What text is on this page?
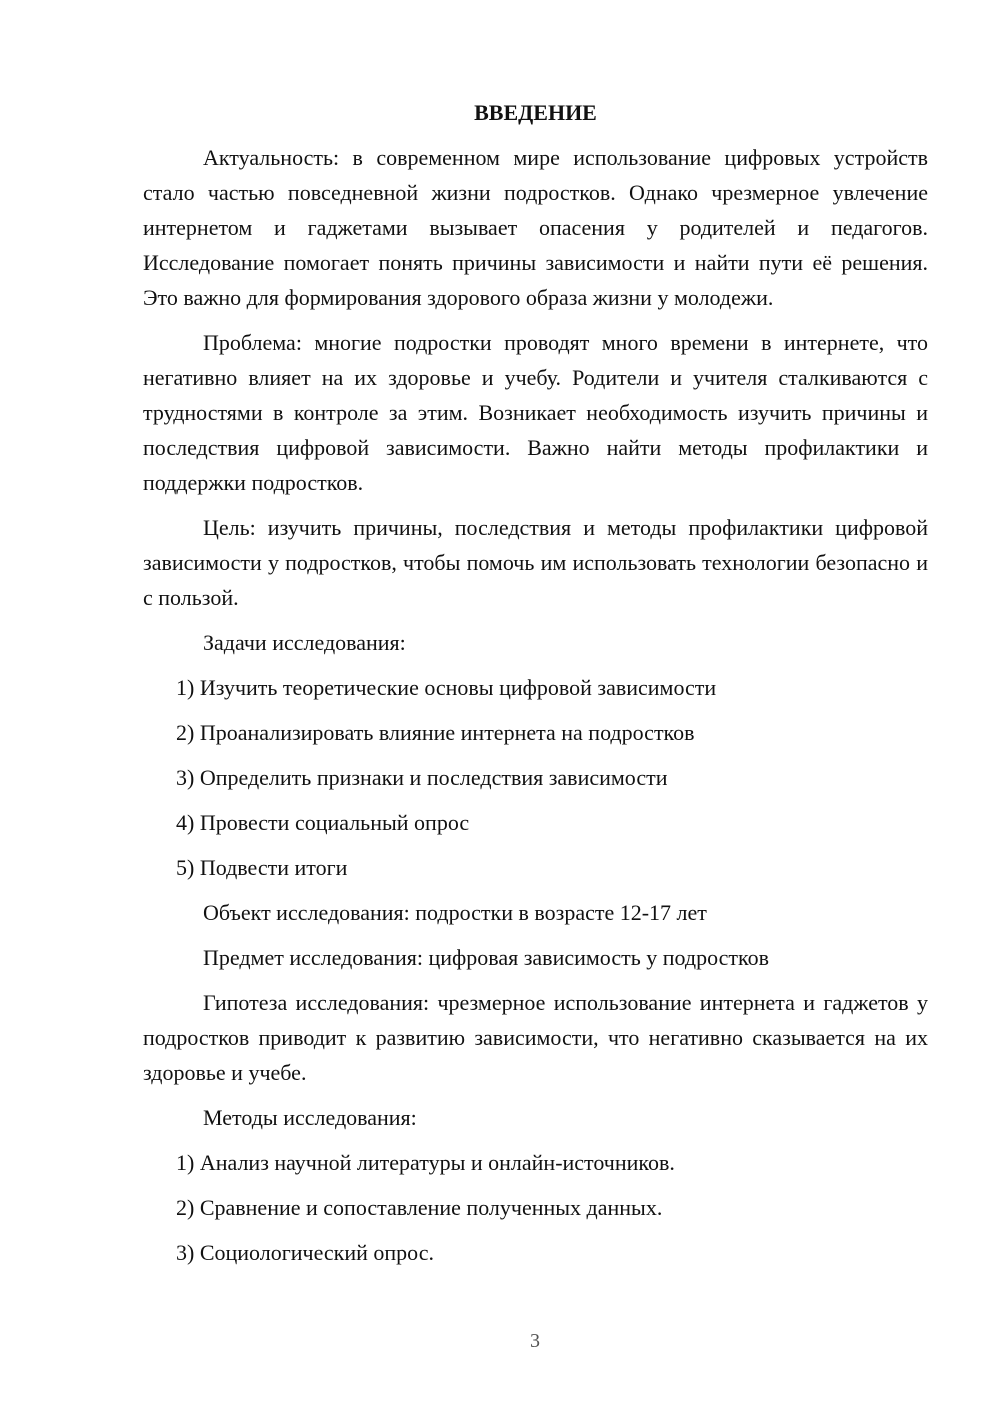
ВВЕДЕНИЕ

Актуальность: в современном мире использование цифровых устройств стало частью повседневной жизни подростков. Однако чрезмерное увлечение интернетом и гаджетами вызывает опасения у родителей и педагогов. Исследование помогает понять причины зависимости и найти пути её решения. Это важно для формирования здорового образа жизни у молодежи.

Проблема: многие подростки проводят много времени в интернете, что негативно влияет на их здоровье и учебу. Родители и учителя сталкиваются с трудностями в контроле за этим. Возникает необходимость изучить причины и последствия цифровой зависимости. Важно найти методы профилактики и поддержки подростков.

Цель: изучить причины, последствия и методы профилактики цифровой зависимости у подростков, чтобы помочь им использовать технологии безопасно и с пользой.

Задачи исследования:
1) Изучить теоретические основы цифровой зависимости
2) Проанализировать влияние интернета на подростков
3) Определить признаки и последствия зависимости
4) Провести социальный опрос
5) Подвести итоги
Объект исследования: подростки в возрасте 12-17 лет
Предмет исследования: цифровая зависимость у подростков

Гипотеза исследования: чрезмерное использование интернета и гаджетов у подростков приводит к развитию зависимости, что негативно сказывается на их здоровье и учебе.

Методы исследования:
1) Анализ научной литературы и онлайн-источников.
2) Сравнение и сопоставление полученных данных.
3) Социологический опрос.
3
